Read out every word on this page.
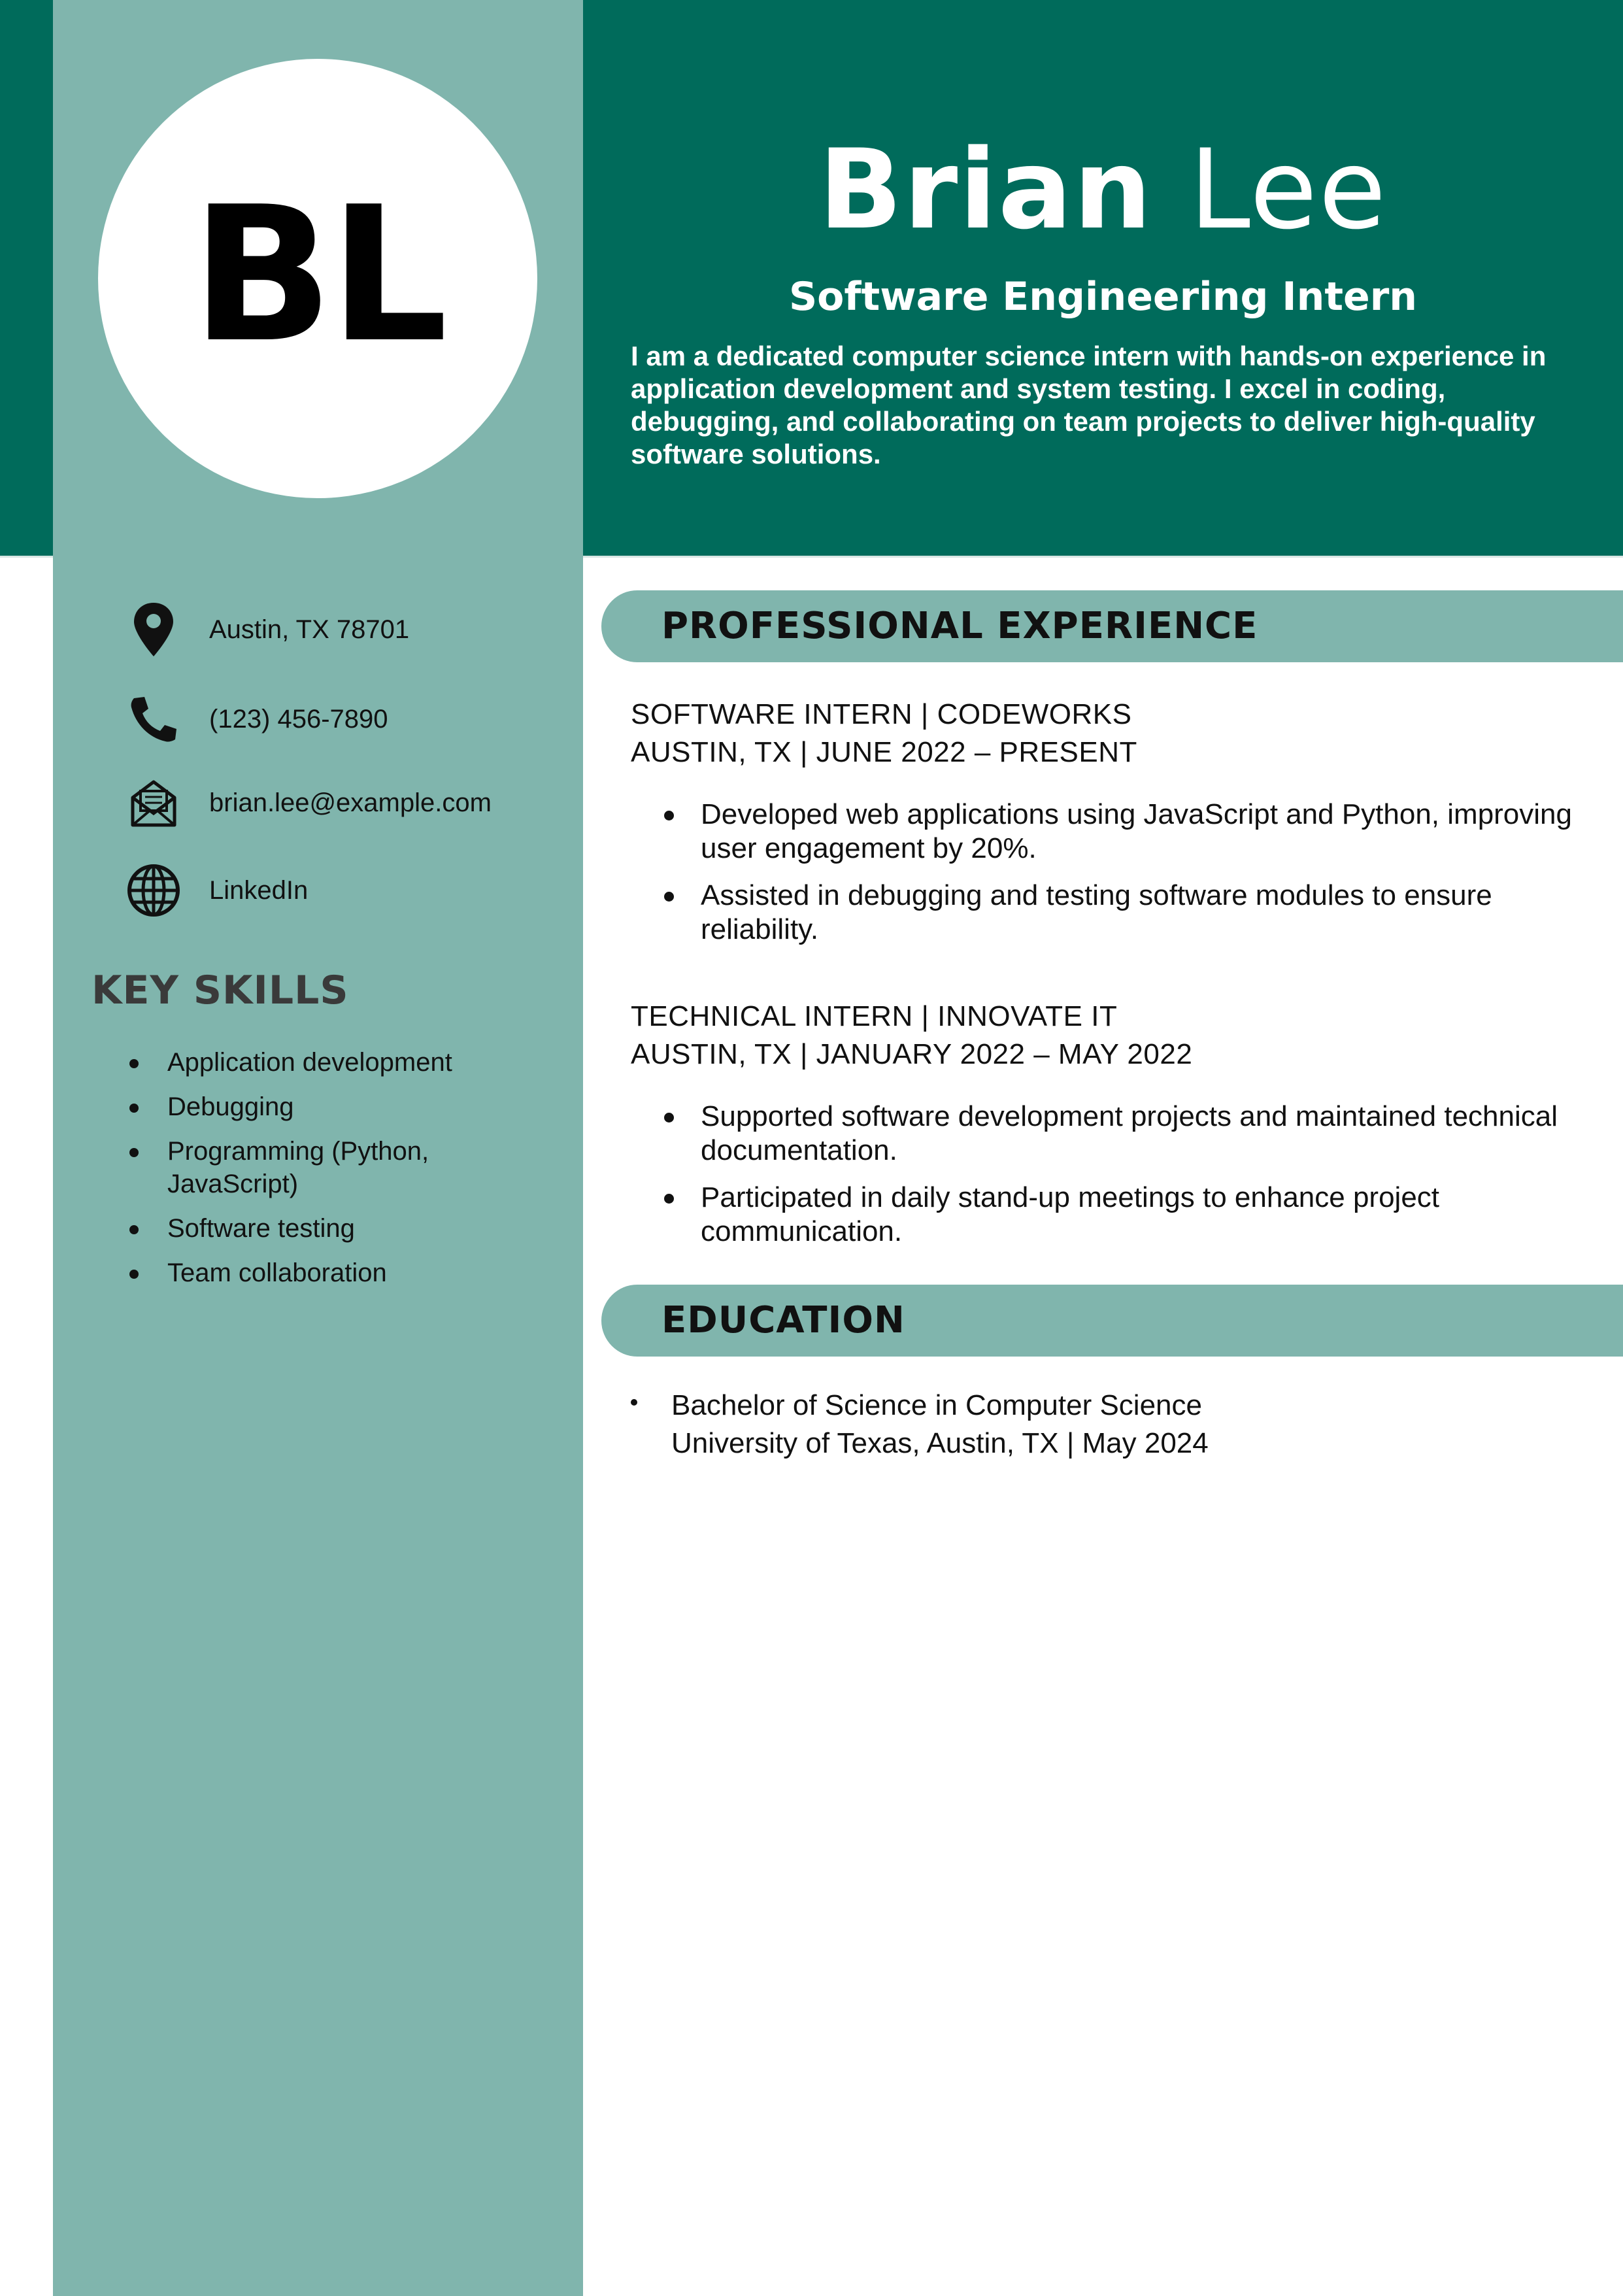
BL	Brian Lee
Software Engineering Intern
I am a dedicated computer science intern with hands-on experience in application development and system testing. I excel in coding, debugging, and collaborating on team projects to deliver high-quality software solutions.
Austin, TX 78701
(123) 456-7890
brian.lee@example.com
LinkedIn
KEY SKILLS
Application development
Debugging
Programming (Python, JavaScript)
Software testing
Team collaboration
PROFESSIONAL EXPERIENCE
SOFTWARE INTERN | CODEWORKS
AUSTIN, TX | JUNE 2022 – PRESENT
Developed web applications using JavaScript and Python, improving user engagement by 20%.
Assisted in debugging and testing software modules to ensure reliability.
TECHNICAL INTERN | INNOVATE IT
AUSTIN, TX | JANUARY 2022 – MAY 2022
Supported software development projects and maintained technical documentation.
Participated in daily stand-up meetings to enhance project communication.
EDUCATION
Bachelor of Science in Computer Science
University of Texas, Austin, TX | May 2024
